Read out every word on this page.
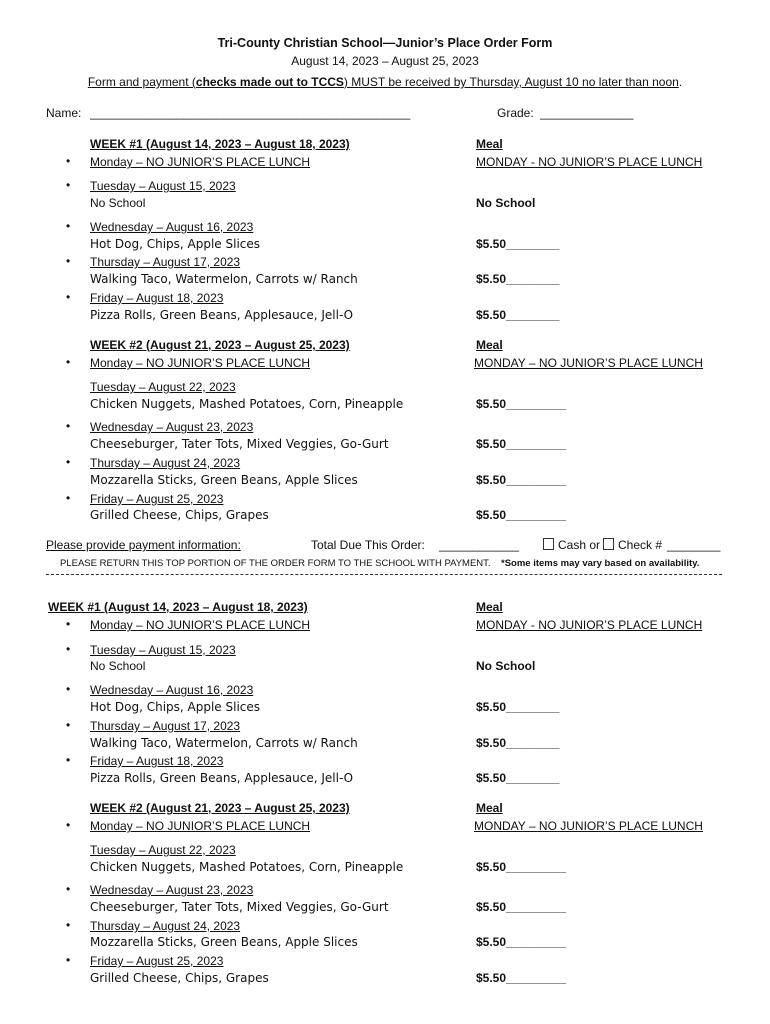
Tri-County Christian School—Junior’s Place Order Form
August 14, 2023 – August 25, 2023
Form and payment (checks made out to TCCS) MUST be received by Thursday, August 10 no later than noon.
Name: ________________________________________________	Grade: ______________
WEEK #1 (August 14, 2023 – August 18, 2023)	Meal
• Monday – NO JUNIOR’S PLACE LUNCH	MONDAY - NO JUNIOR’S PLACE LUNCH
• Tuesday – August 15, 2023
No School	No School
• Wednesday – August 16, 2023
Hot Dog, Chips, Apple Slices	$5.50________
• Thursday – August 17, 2023
Walking Taco, Watermelon, Carrots w/ Ranch	$5.50________
• Friday – August 18, 2023
Pizza Rolls, Green Beans, Applesauce, Jell-O	$5.50________
WEEK #2 (August 21, 2023 – August 25, 2023)	Meal
• Monday – NO JUNIOR’S PLACE LUNCH	MONDAY – NO JUNIOR’S PLACE LUNCH
Tuesday – August 22, 2023
Chicken Nuggets, Mashed Potatoes, Corn, Pineapple	$5.50_________
• Wednesday – August 23, 2023
Cheeseburger, Tater Tots, Mixed Veggies, Go-Gurt	$5.50_________
• Thursday – August 24, 2023
Mozzarella Sticks, Green Beans, Apple Slices	$5.50_________
• Friday – August 25, 2023
Grilled Cheese, Chips, Grapes	$5.50_________
Please provide payment information:	Total Due This Order: ____________	Cash or Check # ________
PLEASE RETURN THIS TOP PORTION OF THE ORDER FORM TO THE SCHOOL WITH PAYMENT. *Some items may vary based on availability.
WEEK #1 (August 14, 2023 – August 18, 2023)	Meal
• Monday – NO JUNIOR’S PLACE LUNCH	MONDAY - NO JUNIOR’S PLACE LUNCH
• Tuesday – August 15, 2023
No School	No School
• Wednesday – August 16, 2023
Hot Dog, Chips, Apple Slices	$5.50________
• Thursday – August 17, 2023
Walking Taco, Watermelon, Carrots w/ Ranch	$5.50________
• Friday – August 18, 2023
Pizza Rolls, Green Beans, Applesauce, Jell-O	$5.50________
WEEK #2 (August 21, 2023 – August 25, 2023)	Meal
• Monday – NO JUNIOR’S PLACE LUNCH	MONDAY – NO JUNIOR’S PLACE LUNCH
Tuesday – August 22, 2023
Chicken Nuggets, Mashed Potatoes, Corn, Pineapple	$5.50_________
• Wednesday – August 23, 2023
Cheeseburger, Tater Tots, Mixed Veggies, Go-Gurt	$5.50_________
• Thursday – August 24, 2023
Mozzarella Sticks, Green Beans, Apple Slices	$5.50_________
• Friday – August 25, 2023
Grilled Cheese, Chips, Grapes	$5.50_________
